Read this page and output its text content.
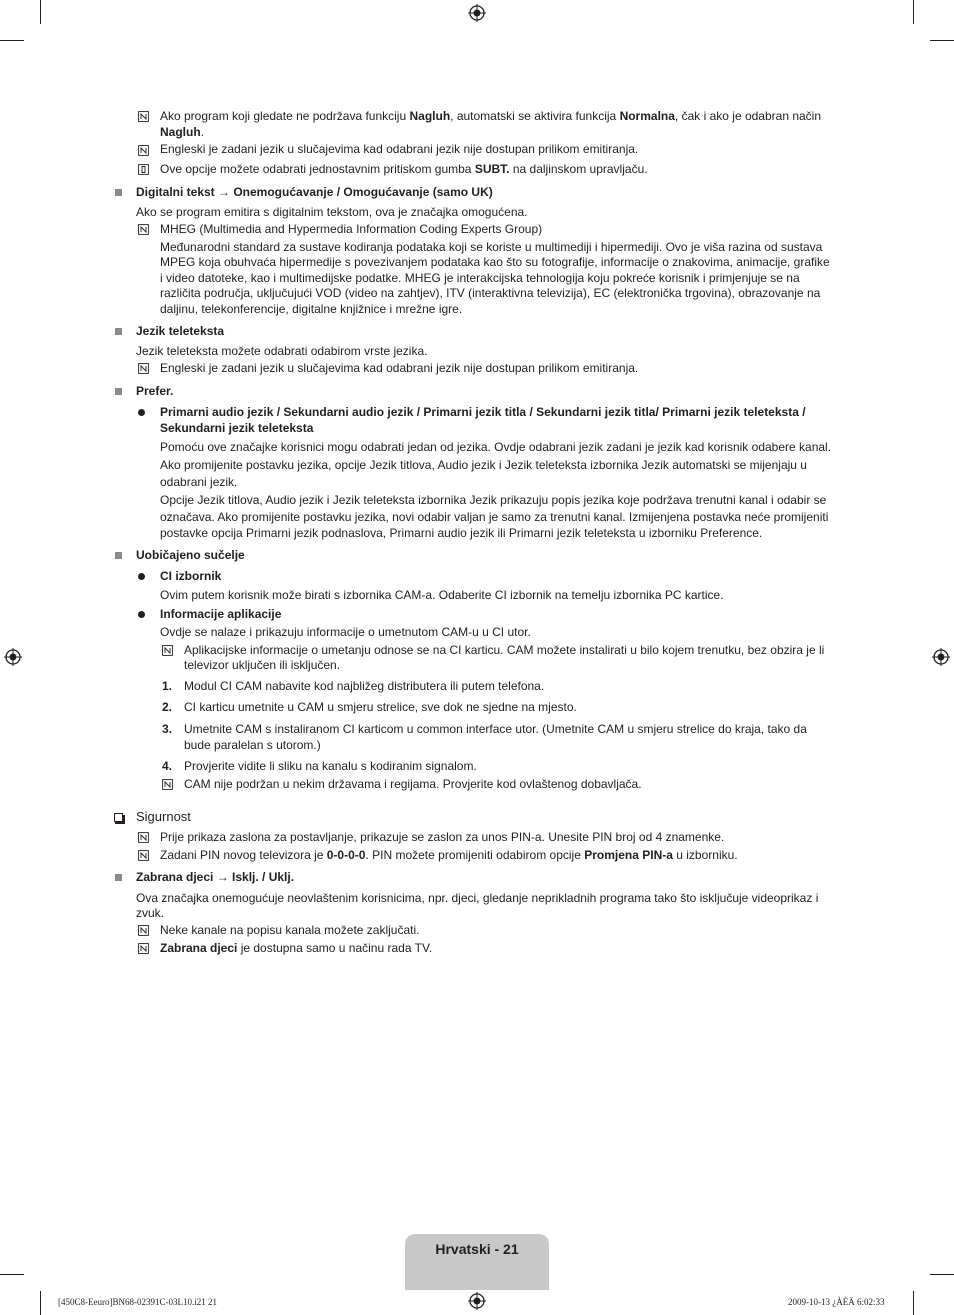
Ako program koji gledate ne podržava funkciju Nagluh, automatski se aktivira funkcija Normalna, čak i ako je odabran način
Nagluh.
Engleski je zadani jezik u slučajevima kad odabrani jezik nije dostupan prilikom emitiranja.
Ove opcije možete odabrati jednostavnim pritiskom gumba SUBT. na daljinskom upravljaču.
Digitalni tekst → Onemogućavanje / Omogućavanje (samo UK)
Ako se program emitira s digitalnim tekstom, ova je značajka omogućena.
MHEG (Multimedia and Hypermedia Information Coding Experts Group)
Međunarodni standard za sustave kodiranja podataka koji se koriste u multimediji i hipermediji. Ovo je viša razina od sustava
MPEG koja obuhvaća hipermedije s povezivanjem podataka kao što su fotografije, informacije o znakovima, animacije, grafike
i video datoteke, kao i multimedijske podatke. MHEG je interakcijska tehnologija koju pokreće korisnik i primjenjuje se na
različita područja, uključujući VOD (video na zahtjev), ITV (interaktivna televizija), EC (elektronička trgovina), obrazovanje na
daljinu, telekonferencije, digitalne knjižnice i mrežne igre.
Jezik teleteksta
Jezik teleteksta možete odabrati odabirom vrste jezika.
Engleski je zadani jezik u slučajevima kad odabrani jezik nije dostupan prilikom emitiranja.
Prefer.
Primarni audio jezik / Sekundarni audio jezik / Primarni jezik titla / Sekundarni jezik titla/ Primarni jezik teleteksta /
Sekundarni jezik teleteksta
Pomoću ove značajke korisnici mogu odabrati jedan od jezika. Ovdje odabrani jezik zadani je jezik kad korisnik odabere kanal.
Ako promijenite postavku jezika, opcije Jezik titlova, Audio jezik i Jezik teleteksta izbornika Jezik automatski se mijenjaju u
odabrani jezik.
Opcije Jezik titlova, Audio jezik i Jezik teleteksta izbornika Jezik prikazuju popis jezika koje podržava trenutni kanal i odabir se
označava. Ako promijenite postavku jezika, novi odabir valjan je samo za trenutni kanal. Izmijenjena postavka neće promijeniti
postavke opcija Primarni jezik podnaslova, Primarni audio jezik ili Primarni jezik teleteksta u izborniku Preference.
Uobičajeno sučelje
CI izbornik
Ovim putem korisnik može birati s izbornika CAM-a. Odaberite CI izbornik na temelju izbornika PC kartice.
Informacije aplikacije
Ovdje se nalaze i prikazuju informacije o umetnutom CAM-u u CI utor.
Aplikacijske informacije o umetanju odnose se na CI karticu. CAM možete instalirati u bilo kojem trenutku, bez obzira je li
televizor uključen ili isključen.
1. Modul CI CAM nabavite kod najbližeg distributera ili putem telefona.
2. CI karticu umetnite u CAM u smjeru strelice, sve dok ne sjedne na mjesto.
3. Umetnite CAM s instaliranom CI karticom u common interface utor. (Umetnite CAM u smjeru strelice do kraja, tako da
bude paralelan s utorom.)
4. Provjerite vidite li sliku na kanalu s kodiranim signalom.
CAM nije podržan u nekim državama i regijama. Provjerite kod ovlaštenog dobavljača.
Sigurnost
Prije prikaza zaslona za postavljanje, prikazuje se zaslon za unos PIN-a. Unesite PIN broj od 4 znamenke.
Zadani PIN novog televizora je 0-0-0-0. PIN možete promijeniti odabirom opcije Promjena PIN-a u izborniku.
Zabrana djeci → Isklj. / Uklj.
Ova značajka onemogućuje neovlaštenim korisnicima, npr. djeci, gledanje neprikladnih programa tako što isključuje videoprikaz i
zvuk.
Neke kanale na popisu kanala možete zaključati.
Zabrana djeci je dostupna samo u načinu rada TV.
Hrvatski - 21
[450C8-Eeuro]BN68-02391C-03L10.i21 21	2009-10-13 ¿ÀÈÄ 6:02:33
